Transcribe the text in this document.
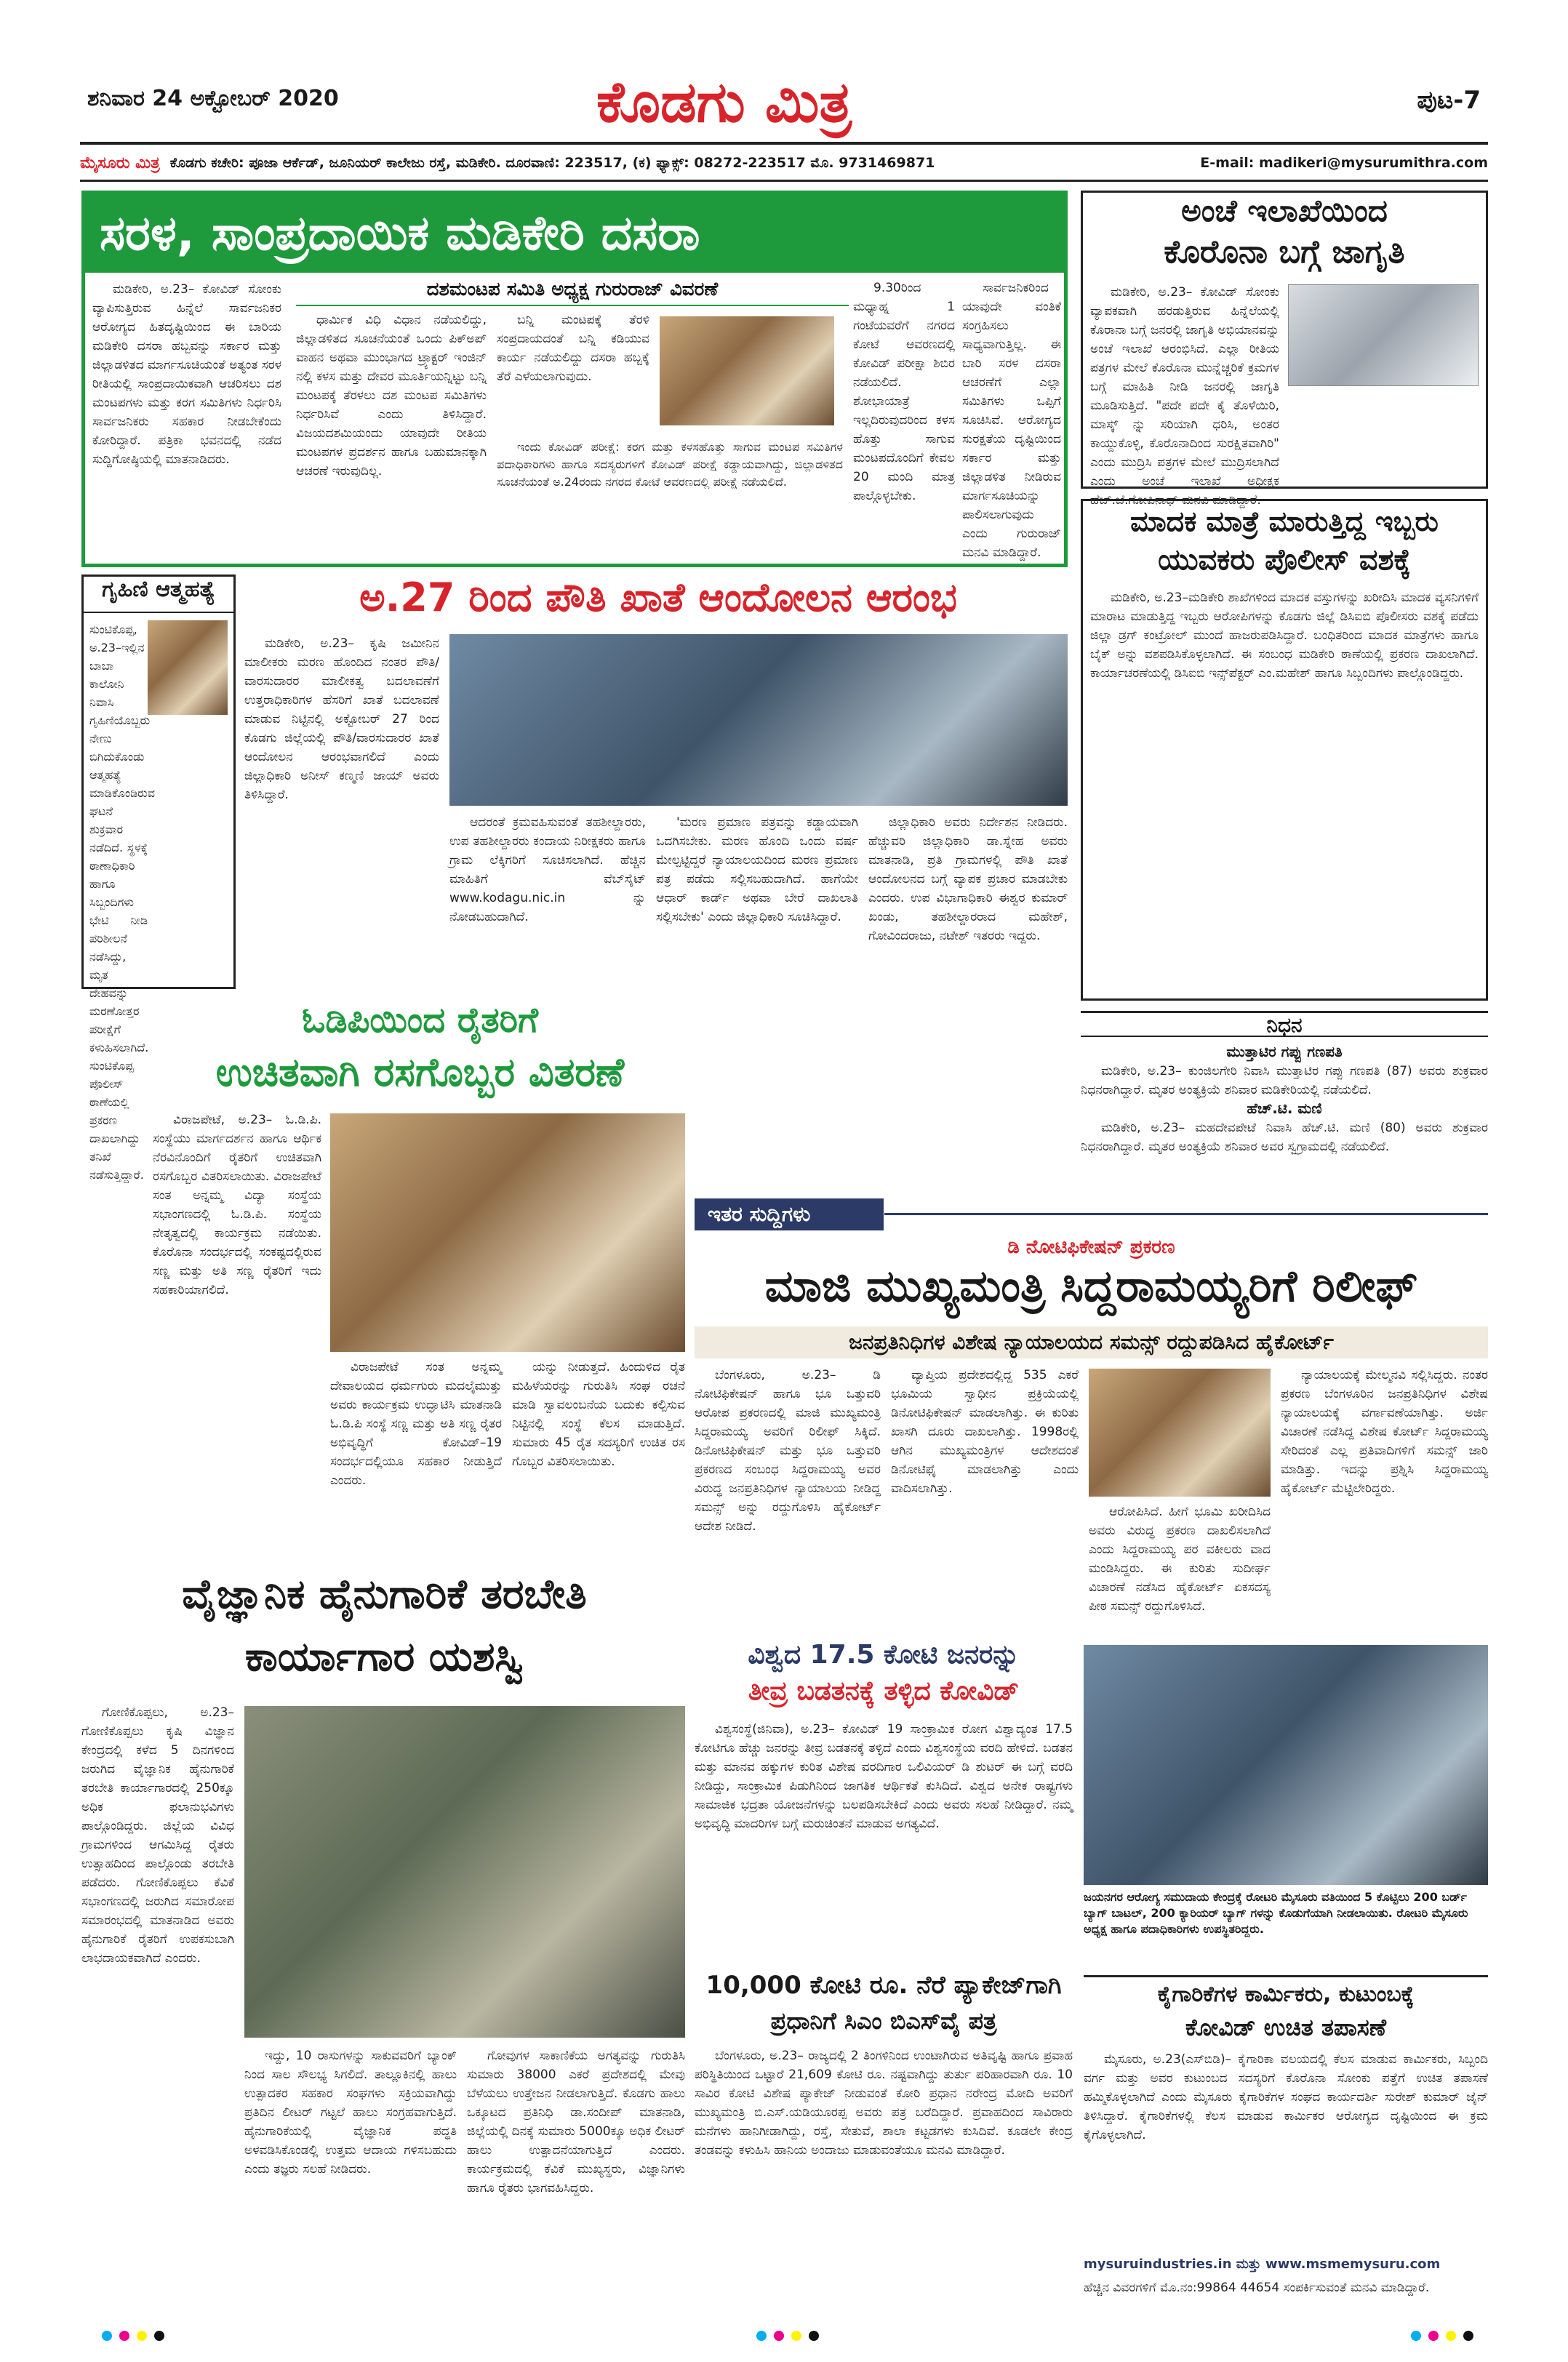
ಶನಿವಾರ 24 ಅಕ್ಟೋಬರ್ 2020	ಕೊಡಗು ಮಿತ್ರ	ಪುಟ-7
ಮೈಸೂರು ಮಿತ್ರ ಕೊಡಗು ಕಚೇರಿ: ಪೂಜಾ ಆರ್ಕೆಡ್, ಜೂನಿಯರ್ ಕಾಲೇಜು ರಸ್ತೆ, ಮಡಿಕೇರಿ. ದೂರವಾಣಿ: 223517, (ಕ) ಫ್ಯಾಕ್ಸ್: 08272-223517 ಮೊ. 9731469871	E-mail: madikeri@mysurumithra.com
ಸರಳ, ಸಾಂಪ್ರದಾಯಿಕ ಮಡಿಕೇರಿ ದಸರಾ

ಮಡಿಕೇರಿ, ಅ.23– ಕೋವಿಡ್ ಸೋಂಕು ವ್ಯಾಪಿಸುತ್ತಿರುವ ಹಿನ್ನೆಲೆ ಸಾರ್ವಜನಿಕರ ಆರೋಗ್ಯದ ಹಿತದೃಷ್ಟಿಯಿಂದ ಈ ಬಾರಿಯ ಮಡಿಕೇರಿ ದಸರಾ ಹಬ್ಬವನ್ನು ಸರ್ಕಾರ ಮತ್ತು ಜಿಲ್ಲಾಡಳಿತದ ಮಾರ್ಗಸೂಚಿಯಂತೆ ಅತ್ಯಂತ ಸರಳ ರೀತಿಯಲ್ಲಿ ಸಾಂಪ್ರದಾಯಿಕವಾಗಿ ಆಚರಿಸಲು ದಶ ಮಂಟಪಗಳು ಮತ್ತು ಕರಗ ಸಮಿತಿಗಳು ನಿರ್ಧರಿಸಿ ಸಾರ್ವಜನಿಕರು ಸಹಕಾರ ನೀಡಬೇಕೆಂದು ಕೋರಿದ್ದಾರೆ. ಪತ್ರಿಕಾ ಭವನದಲ್ಲಿ ನಡೆದ ಸುದ್ದಿಗೋಷ್ಠಿಯಲ್ಲಿ ಮಾತನಾಡಿದರು.

ದಶಮಂಟಪ ಸಮಿತಿ ಅಧ್ಯಕ್ಷ ಗುರುರಾಜ್ ವಿವರಣೆ

ಧಾರ್ಮಿಕ ವಿಧಿ ವಿಧಾನ ನಡೆಯಲಿದ್ದು, ಜಿಲ್ಲಾಡಳಿತದ ಸೂಚನೆಯಂತೆ ಒಂದು ಪಿಕ್‌ಅಪ್ ವಾಹನ ಅಥವಾ ಮುಂಭಾಗದ ಟ್ರ್ಯಾಕ್ಟರ್ ಇಂಜಿನ್ ನಲ್ಲಿ ಕಳಸ ಮತ್ತು ದೇವರ ಮೂರ್ತಿಯನ್ನಿಟ್ಟು ಬನ್ನಿ ಮಂಟಪಕ್ಕೆ ತೆರಳಲು ದಶ ಮಂಟಪ ಸಮಿತಿಗಳು ನಿರ್ಧರಿಸಿವೆ ಎಂದು ತಿಳಿಸಿದ್ದಾರೆ. ವಿಜಯದಶಮಿಯಂದು ಯಾವುದೇ ರೀತಿಯ ಮಂಟಪಗಳ ಪ್ರದರ್ಶನ ಹಾಗೂ ಬಹುಮಾನಕ್ಕಾಗಿ ಆಚರಣೆ ಇರುವುದಿಲ್ಲ.

ಬನ್ನಿ ಮಂಟಪಕ್ಕೆ ತೆರಳಿ ಸಂಪ್ರದಾಯದಂತೆ ಬನ್ನಿ ಕಡಿಯುವ ಕಾರ್ಯ ನಡೆಯಲಿದ್ದು ದಸರಾ ಹಬ್ಬಕ್ಕೆ ತೆರೆ ಎಳೆಯಲಾಗುವುದು.

ಇಂದು ಕೋವಿಡ್ ಪರೀಕ್ಷೆ: ಕರಗ ಮತ್ತು ಕಳಸಹೊತ್ತು ಸಾಗುವ ಮಂಟಪ ಸಮಿತಿಗಳ ಪದಾಧಿಕಾರಿಗಳು ಹಾಗೂ ಸದಸ್ಯರುಗಳಿಗೆ ಕೋವಿಡ್ ಪರೀಕ್ಷೆ ಕಡ್ಡಾಯವಾಗಿದ್ದು, ಜಿಲ್ಲಾಡಳಿತದ ಸೂಚನೆಯಂತೆ ಅ.24ರಂದು ನಗರದ ಕೋಟೆ ಆವರಣದಲ್ಲಿ ಪರೀಕ್ಷೆ ನಡೆಯಲಿದೆ.

9.30ರಿಂದ ಮಧ್ಯಾಹ್ನ 1 ಗಂಟೆಯವರೆಗೆ ನಗರದ ಕೋಟೆ ಆವರಣದಲ್ಲಿ ಕೋವಿಡ್ ಪರೀಕ್ಷಾ ಶಿಬಿರ ನಡೆಯಲಿದೆ. ಶೋಭಾಯಾತ್ರೆ ಇಲ್ಲದಿರುವುದರಿಂದ ಕಳಸ ಹೊತ್ತು ಸಾಗುವ ಮಂಟಪದೊಂದಿಗೆ ಕೇವಲ 20 ಮಂದಿ ಮಾತ್ರ ಪಾಲ್ಗೊಳ್ಳಬೇಕು.

ಸಾರ್ವಜನಿಕರಿಂದ ಯಾವುದೇ ವಂತಿಕೆ ಸಂಗ್ರಹಿಸಲು ಸಾಧ್ಯವಾಗುತ್ತಿಲ್ಲ. ಈ ಬಾರಿ ಸರಳ ದಸರಾ ಆಚರಣೆಗೆ ಎಲ್ಲಾ ಸಮಿತಿಗಳು ಒಪ್ಪಿಗೆ ಸೂಚಿಸಿವೆ. ಆರೋಗ್ಯದ ಸುರಕ್ಷತೆಯ ದೃಷ್ಟಿಯಿಂದ ಸರ್ಕಾರ ಮತ್ತು ಜಿಲ್ಲಾಡಳಿತ ನೀಡಿರುವ ಮಾರ್ಗಸೂಚಿಯನ್ನು ಪಾಲಿಸಲಾಗುವುದು ಎಂದು ಗುರುರಾಜ್ ಮನವಿ ಮಾಡಿದ್ದಾರೆ.

ಅಂಚೆ ಇಲಾಖೆಯಿಂದ
ಕೊರೊನಾ ಬಗ್ಗೆ ಜಾಗೃತಿ

ಮಡಿಕೇರಿ, ಅ.23– ಕೋವಿಡ್ ಸೋಂಕು ವ್ಯಾಪಕವಾಗಿ ಹರಡುತ್ತಿರುವ ಹಿನ್ನೆಲೆಯಲ್ಲಿ ಕೊರಾನಾ ಬಗ್ಗೆ ಜನರಲ್ಲಿ ಜಾಗೃತಿ ಅಭಿಯಾನವನ್ನು ಅಂಚೆ ಇಲಾಖೆ ಆರಂಭಿಸಿದೆ. ಎಲ್ಲಾ ರೀತಿಯ ಪತ್ರಗಳ ಮೇಲೆ ಕೊರೊನಾ ಮುನ್ನೆಚ್ಚರಿಕೆ ಕ್ರಮಗಳ ಬಗ್ಗೆ ಮಾಹಿತಿ ನೀಡಿ ಜನರಲ್ಲಿ ಜಾಗೃತಿ ಮೂಡಿಸುತ್ತಿದೆ. "ಪದೇ ಪದೇ ಕೈ ತೊಳೆಯಿರಿ, ಮಾಸ್ಕ್ ನ್ನು ಸರಿಯಾಗಿ ಧರಿಸಿ, ಅಂತರ ಕಾಯ್ದುಕೊಳ್ಳಿ, ಕೊರೊನಾದಿಂದ ಸುರಕ್ಷಿತವಾಗಿರಿ" ಎಂದು ಮುದ್ರಿಸಿ ಪತ್ರಗಳ ಮೇಲೆ ಮುದ್ರಿಸಲಾಗಿದೆ ಎಂದು ಅಂಚೆ ಇಲಾಖೆ ಅಧೀಕ್ಷಕ ಹೆಚ್.ಜೆ.ಗೋಪಿನಾಥ್ ಮನವಿ ಮಾಡಿದ್ದಾರೆ.

ಮಾದಕ ಮಾತ್ರೆ ಮಾರುತ್ತಿದ್ದ ಇಬ್ಬರು
ಯುವಕರು ಪೊಲೀಸ್ ವಶಕ್ಕೆ

ಮಡಿಕೇರಿ, ಅ.23–ಮಡಿಕೇರಿ ಶಾಖೆಗಳಿಂದ ಮಾದಕ ವಸ್ತುಗಳನ್ನು ಖರೀದಿಸಿ ಮಾದಕ ವ್ಯಸನಿಗಳಿಗೆ ಮಾರಾಟ ಮಾಡುತ್ತಿದ್ದ ಇಬ್ಬರು ಆರೋಪಿಗಳನ್ನು ಕೊಡಗು ಜಿಲ್ಲೆ ಡಿಸಿಐಬಿ ಪೊಲೀಸರು ವಶಕ್ಕೆ ಪಡೆದು ಜಿಲ್ಲಾ ಡ್ರಗ್ ಕಂಟ್ರೋಲ್ ಮುಂದೆ ಹಾಜರುಪಡಿಸಿದ್ದಾರೆ. ಬಂಧಿತರಿಂದ ಮಾದಕ ಮಾತ್ರೆಗಳು ಹಾಗೂ ಬೈಕ್ ಅನ್ನು ವಶಪಡಿಸಿಕೊಳ್ಳಲಾಗಿದೆ. ಈ ಸಂಬಂಧ ಮಡಿಕೇರಿ ಠಾಣೆಯಲ್ಲಿ ಪ್ರಕರಣ ದಾಖಲಾಗಿದೆ. ಕಾರ್ಯಾಚರಣೆಯಲ್ಲಿ ಡಿಸಿಐಬಿ ಇನ್ಸ್‌ಪೆಕ್ಟರ್ ಎಂ.ಮಹೇಶ್ ಹಾಗೂ ಸಿಬ್ಬಂದಿಗಳು ಪಾಲ್ಗೊಂಡಿದ್ದರು.

ನಿಧನ
ಮುತ್ತಾಟಿರ ಗಪ್ಪು ಗಣಪತಿ

ಮಡಿಕೇರಿ, ಅ.23– ಕುಂಜಿಲಗೇರಿ ನಿವಾಸಿ ಮುತ್ತಾಟಿರ ಗಪ್ಪು ಗಣಪತಿ (87) ಅವರು ಶುಕ್ರವಾರ ನಿಧನರಾಗಿದ್ದಾರೆ. ಮೃತರ ಅಂತ್ಯಕ್ರಿಯೆ ಶನಿವಾರ ಮಡಿಕೇರಿಯಲ್ಲಿ ನಡೆಯಲಿದೆ.

ಹೆಚ್.ಟಿ. ಮಣಿ

ಮಡಿಕೇರಿ, ಅ.23– ಮಹದೇವಪೇಟೆ ನಿವಾಸಿ ಹೆಚ್.ಟಿ. ಮಣಿ (80) ಅವರು ಶುಕ್ರವಾರ ನಿಧನರಾಗಿದ್ದಾರೆ. ಮೃತರ ಅಂತ್ಯಕ್ರಿಯೆ ಶನಿವಾರ ಅವರ ಸ್ವಗ್ರಾಮದಲ್ಲಿ ನಡೆಯಲಿದೆ.

ಗೃಹಿಣಿ ಆತ್ಮಹತ್ಯೆ

ಸುಂಟಿಕೊಪ್ಪ, ಅ.23–ಇಲ್ಲಿನ ಬಾಬಾ ಕಾಲೋನಿ ನಿವಾಸಿ ಗೃಹಿಣಿಯೊಬ್ಬರು ನೇಣು ಬಿಗಿದುಕೊಂಡು ಆತ್ಮಹತ್ಯೆ ಮಾಡಿಕೊಂಡಿರುವ ಘಟನೆ ಶುಕ್ರವಾರ ನಡೆದಿದೆ. ಸ್ಥಳಕ್ಕೆ ಠಾಣಾಧಿಕಾರಿ ಹಾಗೂ ಸಿಬ್ಬಂದಿಗಳು ಭೇಟಿ ನೀಡಿ ಪರಿಶೀಲನೆ ನಡೆಸಿದ್ದು, ಮೃತ ದೇಹವನ್ನು ಮರಣೋತ್ತರ ಪರೀಕ್ಷೆಗೆ ಕಳುಹಿಸಲಾಗಿದೆ. ಸುಂಟಿಕೊಪ್ಪ ಪೊಲೀಸ್ ಠಾಣೆಯಲ್ಲಿ ಪ್ರಕರಣ ದಾಖಲಾಗಿದ್ದು ತನಿಖೆ ನಡೆಸುತ್ತಿದ್ದಾರೆ.

ಅ.27 ರಿಂದ ಪೌತಿ ಖಾತೆ ಆಂದೋಲನ ಆರಂಭ

ಮಡಿಕೇರಿ, ಅ.23– ಕೃಷಿ ಜಮೀನಿನ ಮಾಲೀಕರು ಮರಣ ಹೊಂದಿದ ನಂತರ ಪೌತಿ/ವಾರಸುದಾರರ ಮಾಲೀಕತ್ವ ಬದಲಾವಣೆಗೆ ಉತ್ತರಾಧಿಕಾರಿಗಳ ಹೆಸರಿಗೆ ಖಾತೆ ಬದಲಾವಣೆ ಮಾಡುವ ನಿಟ್ಟಿನಲ್ಲಿ ಅಕ್ಟೋಬರ್ 27 ರಿಂದ ಕೊಡಗು ಜಿಲ್ಲೆಯಲ್ಲಿ ಪೌತಿ/ವಾರಸುದಾರರ ಖಾತೆ ಆಂದೋಲನ ಆರಂಭವಾಗಲಿದೆ ಎಂದು ಜಿಲ್ಲಾಧಿಕಾರಿ ಅನೀಸ್ ಕಣ್ಮಣಿ ಜಾಯ್ ಅವರು ತಿಳಿಸಿದ್ದಾರೆ.

ಆದರಂತೆ ಕ್ರಮವಹಿಸುವಂತೆ ತಹಶೀಲ್ದಾರರು, ಉಪ ತಹಶೀಲ್ದಾರರು ಕಂದಾಯ ನಿರೀಕ್ಷಕರು ಹಾಗೂ ಗ್ರಾಮ ಲೆಕ್ಕಿಗರಿಗೆ ಸೂಚಿಸಲಾಗಿದೆ. ಹೆಚ್ಚಿನ ಮಾಹಿತಿಗೆ ವೆಬ್‌ಸೈಟ್ www.kodagu.nic.in ನ್ನು ನೋಡಬಹುದಾಗಿದೆ.

'ಮರಣ ಪ್ರಮಾಣ ಪತ್ರವನ್ನು ಕಡ್ಡಾಯವಾಗಿ ಒದಗಿಸಬೇಕು. ಮರಣ ಹೊಂದಿ ಒಂದು ವರ್ಷ ಮೇಲ್ಪಟ್ಟಿದ್ದರೆ ನ್ಯಾಯಾಲಯದಿಂದ ಮರಣ ಪ್ರಮಾಣ ಪತ್ರ ಪಡೆದು ಸಲ್ಲಿಸಬಹುದಾಗಿದೆ. ಹಾಗೆಯೇ ಆಧಾರ್ ಕಾರ್ಡ್ ಅಥವಾ ಬೇರೆ ದಾಖಲಾತಿ ಸಲ್ಲಿಸಬೇಕು' ಎಂದು ಜಿಲ್ಲಾಧಿಕಾರಿ ಸೂಚಿಸಿದ್ದಾರೆ.

ಜಿಲ್ಲಾಧಿಕಾರಿ ಅವರು ನಿರ್ದೇಶನ ನೀಡಿದರು. ಹೆಚ್ಚುವರಿ ಜಿಲ್ಲಾಧಿಕಾರಿ ಡಾ.ಸ್ನೇಹ ಅವರು ಮಾತನಾಡಿ, ಪ್ರತಿ ಗ್ರಾಮಗಳಲ್ಲಿ ಪೌತಿ ಖಾತೆ ಆಂದೋಲನದ ಬಗ್ಗೆ ವ್ಯಾಪಕ ಪ್ರಚಾರ ಮಾಡಬೇಕು ಎಂದರು. ಉಪ ವಿಭಾಗಾಧಿಕಾರಿ ಈಶ್ವರ ಕುಮಾರ್ ಖಂಡು, ತಹಶೀಲ್ದಾರರಾದ ಮಹೇಶ್, ಗೋವಿಂದರಾಜು, ನಟೇಶ್ ಇತರರು ಇದ್ದರು.

ಓಡಿಪಿಯಿಂದ ರೈತರಿಗೆ
ಉಚಿತವಾಗಿ ರಸಗೊಬ್ಬರ ವಿತರಣೆ

ವಿರಾಜಪೇಟೆ, ಅ.23– ಓ.ಡಿ.ಪಿ. ಸಂಸ್ಥೆಯು ಮಾರ್ಗದರ್ಶನ ಹಾಗೂ ಆರ್ಥಿಕ ನೆರವಿನೊಂದಿಗೆ ರೈತರಿಗೆ ಉಚಿತವಾಗಿ ರಸಗೊಬ್ಬರ ವಿತರಿಸಲಾಯಿತು. ವಿರಾಜಪೇಟೆ ಸಂತ ಅನ್ನಮ್ಮ ವಿದ್ಯಾ ಸಂಸ್ಥೆಯ ಸಭಾಂಗಣದಲ್ಲಿ ಓ.ಡಿ.ಪಿ. ಸಂಸ್ಥೆಯ ನೇತೃತ್ವದಲ್ಲಿ ಕಾರ್ಯಕ್ರಮ ನಡೆಯಿತು. ಕೊರೊನಾ ಸಂದರ್ಭದಲ್ಲಿ ಸಂಕಷ್ಟದಲ್ಲಿರುವ ಸಣ್ಣ ಮತ್ತು ಅತಿ ಸಣ್ಣ ರೈತರಿಗೆ ಇದು ಸಹಕಾರಿಯಾಗಲಿದೆ.

ವಿರಾಜಪೇಟೆ ಸಂತ ಅನ್ನಮ್ಮ ದೇವಾಲಯದ ಧರ್ಮಗುರು ಮದಲೈಮುತ್ತು ಅವರು ಕಾರ್ಯಕ್ರಮ ಉದ್ಘಾಟಿಸಿ ಮಾತನಾಡಿ ಓ.ಡಿ.ಪಿ ಸಂಸ್ಥೆ ಸಣ್ಣ ಮತ್ತು ಅತಿ ಸಣ್ಣ ರೈತರ ಅಭಿವೃದ್ಧಿಗೆ ಕೋವಿಡ್–19 ಸಂದರ್ಭದಲ್ಲಿಯೂ ಸಹಕಾರ ನೀಡುತ್ತಿದೆ ಎಂದರು.

ಯನ್ನು ನೀಡುತ್ತದೆ. ಹಿಂದುಳಿದ ರೈತ ಮಹಿಳೆಯರನ್ನು ಗುರುತಿಸಿ ಸಂಘ ರಚನೆ ಮಾಡಿ ಸ್ವಾವಲಂಬನೆಯ ಬದುಕು ಕಲ್ಪಿಸುವ ನಿಟ್ಟಿನಲ್ಲಿ ಸಂಸ್ಥೆ ಕೆಲಸ ಮಾಡುತ್ತಿದೆ. ಸುಮಾರು 45 ರೈತ ಸದಸ್ಯರಿಗೆ ಉಚಿತ ರಸ ಗೊಬ್ಬರ ವಿತರಿಸಲಾಯಿತು.

ವೈಜ್ಞಾನಿಕ ಹೈನುಗಾರಿಕೆ ತರಬೇತಿ
ಕಾರ್ಯಾಗಾರ ಯಶಸ್ವಿ

ಗೋಣಿಕೊಪ್ಪಲು, ಅ.23– ಗೋಣಿಕೊಪ್ಪಲು ಕೃಷಿ ವಿಜ್ಞಾನ ಕೇಂದ್ರದಲ್ಲಿ ಕಳೆದ 5 ದಿನಗಳಿಂದ ಜರುಗಿದ ವೈಜ್ಞಾನಿಕ ಹೈನುಗಾರಿಕೆ ತರಬೇತಿ ಕಾರ್ಯಾಗಾರದಲ್ಲಿ 250ಕ್ಕೂ ಅಧಿಕ ಫಲಾನುಭವಿಗಳು ಪಾಲ್ಗೊಂಡಿದ್ದರು. ಜಿಲ್ಲೆಯ ವಿವಿಧ ಗ್ರಾಮಗಳಿಂದ ಆಗಮಿಸಿದ್ದ ರೈತರು ಉತ್ಸಾಹದಿಂದ ಪಾಲ್ಗೊಂಡು ತರಬೇತಿ ಪಡೆದರು. ಗೋಣಿಕೊಪ್ಪಲು ಕೆವಿಕೆ ಸಭಾಂಗಣದಲ್ಲಿ ಜರುಗಿದ ಸಮಾರೋಪ ಸಮಾರಂಭದಲ್ಲಿ ಮಾತನಾಡಿದ ಅವರು ಹೈನುಗಾರಿಕೆ ರೈತರಿಗೆ ಉಪಕಸುಬಾಗಿ ಲಾಭದಾಯಕವಾಗಿದೆ ಎಂದರು.

ಇದ್ದು, 10 ರಾಸುಗಳನ್ನು ಸಾಕುವವರಿಗೆ ಬ್ಯಾಂಕ್ ನಿಂದ ಸಾಲ ಸೌಲಭ್ಯ ಸಿಗಲಿದೆ. ತಾಲ್ಲೂಕಿನಲ್ಲಿ ಹಾಲು ಉತ್ಪಾದಕರ ಸಹಕಾರ ಸಂಘಗಳು ಸಕ್ರಿಯವಾಗಿದ್ದು ಪ್ರತಿದಿನ ಲೀಟರ್ ಗಟ್ಟಲೆ ಹಾಲು ಸಂಗ್ರಹವಾಗುತ್ತಿದೆ. ಹೈನುಗಾರಿಕೆಯಲ್ಲಿ ವೈಜ್ಞಾನಿಕ ಪದ್ಧತಿ ಅಳವಡಿಸಿಕೊಂಡಲ್ಲಿ ಉತ್ತಮ ಆದಾಯ ಗಳಿಸಬಹುದು ಎಂದು ತಜ್ಞರು ಸಲಹೆ ನೀಡಿದರು.

ಗೋವುಗಳ ಸಾಕಾಣಿಕೆಯ ಅಗತ್ಯವನ್ನು ಗುರುತಿಸಿ ಸುಮಾರು 38000 ಎಕರೆ ಪ್ರದೇಶದಲ್ಲಿ ಮೇವು ಬೆಳೆಯಲು ಉತ್ತೇಜನ ನೀಡಲಾಗುತ್ತಿದೆ. ಕೊಡಗು ಹಾಲು ಒಕ್ಕೂಟದ ಪ್ರತಿನಿಧಿ ಡಾ.ಸಂದೀಪ್ ಮಾತನಾಡಿ, ಜಿಲ್ಲೆಯಲ್ಲಿ ದಿನಕ್ಕೆ ಸುಮಾರು 5000ಕ್ಕೂ ಅಧಿಕ ಲೀಟರ್ ಹಾಲು ಉತ್ಪಾದನೆಯಾಗುತ್ತಿದೆ ಎಂದರು. ಕಾರ್ಯಕ್ರಮದಲ್ಲಿ ಕೆವಿಕೆ ಮುಖ್ಯಸ್ಥರು, ವಿಜ್ಞಾನಿಗಳು ಹಾಗೂ ರೈತರು ಭಾಗವಹಿಸಿದ್ದರು.

ಇತರ ಸುದ್ದಿಗಳು
ಡಿ ನೋಟಿಫಿಕೇಷನ್ ಪ್ರಕರಣ
ಮಾಜಿ ಮುಖ್ಯಮಂತ್ರಿ ಸಿದ್ದರಾಮಯ್ಯರಿಗೆ ರಿಲೀಫ್
ಜನಪ್ರತಿನಿಧಿಗಳ ವಿಶೇಷ ನ್ಯಾಯಾಲಯದ ಸಮನ್ಸ್ ರದ್ದುಪಡಿಸಿದ ಹೈಕೋರ್ಟ್

ಬೆಂಗಳೂರು, ಅ.23– ಡಿ ನೋಟಿಫಿಕೇಷನ್ ಹಾಗೂ ಭೂ ಒತ್ತುವರಿ ಆರೋಪ ಪ್ರಕರಣದಲ್ಲಿ ಮಾಜಿ ಮುಖ್ಯಮಂತ್ರಿ ಸಿದ್ದರಾಮಯ್ಯ ಅವರಿಗೆ ರಿಲೀಫ್ ಸಿಕ್ಕಿದೆ. ಡಿನೋಟಿಫಿಕೇಷನ್ ಮತ್ತು ಭೂ ಒತ್ತುವರಿ ಪ್ರಕರಣದ ಸಂಬಂಧ ಸಿದ್ದರಾಮಯ್ಯ ಅವರ ವಿರುದ್ಧ ಜನಪ್ರತಿನಿಧಿಗಳ ನ್ಯಾಯಾಲಯ ನೀಡಿದ್ದ ಸಮನ್ಸ್ ಅನ್ನು ರದ್ದುಗೊಳಿಸಿ ಹೈಕೋರ್ಟ್ ಆದೇಶ ನೀಡಿದೆ.

ವ್ಯಾಪ್ತಿಯ ಪ್ರದೇಶದಲ್ಲಿದ್ದ 535 ಎಕರೆ ಭೂಮಿಯ ಸ್ವಾಧೀನ ಪ್ರಕ್ರಿಯೆಯಲ್ಲಿ ಡಿನೋಟಿಫಿಕೇಷನ್ ಮಾಡಲಾಗಿತ್ತು. ಈ ಕುರಿತು ಖಾಸಗಿ ದೂರು ದಾಖಲಾಗಿತ್ತು. 1998ರಲ್ಲಿ ಆಗಿನ ಮುಖ್ಯಮಂತ್ರಿಗಳ ಆದೇಶದಂತೆ ಡಿನೋಟಿಫೈ ಮಾಡಲಾಗಿತ್ತು ಎಂದು ವಾದಿಸಲಾಗಿತ್ತು.

ಆರೋಪಿಸಿದೆ. ಹೀಗೆ ಭೂಮಿ ಖರೀದಿಸಿದ ಅವರು ವಿರುದ್ಧ ಪ್ರಕರಣ ದಾಖಲಿಸಲಾಗಿದೆ ಎಂದು ಸಿದ್ದರಾಮಯ್ಯ ಪರ ವಕೀಲರು ವಾದ ಮಂಡಿಸಿದ್ದರು. ಈ ಕುರಿತು ಸುದೀರ್ಘ ವಿಚಾರಣೆ ನಡೆಸಿದ ಹೈಕೋರ್ಟ್ ಏಕಸದಸ್ಯ ಪೀಠ ಸಮನ್ಸ್ ರದ್ದುಗೊಳಿಸಿದೆ.

ನ್ಯಾಯಾಲಯಕ್ಕೆ ಮೇಲ್ಮನವಿ ಸಲ್ಲಿಸಿದ್ದರು. ನಂತರ ಪ್ರಕರಣ ಬೆಂಗಳೂರಿನ ಜನಪ್ರತಿನಿಧಿಗಳ ವಿಶೇಷ ನ್ಯಾಯಾಲಯಕ್ಕೆ ವರ್ಗಾವಣೆಯಾಗಿತ್ತು. ಅರ್ಜಿ ವಿಚಾರಣೆ ನಡೆಸಿದ್ದ ವಿಶೇಷ ಕೋರ್ಟ್ ಸಿದ್ದರಾಮಯ್ಯ ಸೇರಿದಂತೆ ಎಲ್ಲ ಪ್ರತಿವಾದಿಗಳಿಗೆ ಸಮನ್ಸ್ ಜಾರಿ ಮಾಡಿತ್ತು. ಇದನ್ನು ಪ್ರಶ್ನಿಸಿ ಸಿದ್ದರಾಮಯ್ಯ ಹೈಕೋರ್ಟ್ ಮೆಟ್ಟಿಲೇರಿದ್ದರು.

ವಿಶ್ವದ 17.5 ಕೋಟಿ ಜನರನ್ನು
ತೀವ್ರ ಬಡತನಕ್ಕೆ ತಳ್ಳಿದ ಕೋವಿಡ್

ವಿಶ್ವಸಂಸ್ಥೆ(ಜಿನಿವಾ), ಅ.23– ಕೋವಿಡ್ 19 ಸಾಂಕ್ರಾಮಿಕ ರೋಗ ವಿಶ್ವಾದ್ಯಂತ 17.5 ಕೋಟಿಗೂ ಹೆಚ್ಚು ಜನರನ್ನು ತೀವ್ರ ಬಡತನಕ್ಕೆ ತಳ್ಳಿದೆ ಎಂದು ವಿಶ್ವಸಂಸ್ಥೆಯ ವರದಿ ಹೇಳಿದೆ. ಬಡತನ ಮತ್ತು ಮಾನವ ಹಕ್ಕುಗಳ ಕುರಿತ ವಿಶೇಷ ವರದಿಗಾರ ಒಲಿವಿಯರ್ ಡಿ ಶುಟರ್ ಈ ಬಗ್ಗೆ ವರದಿ ನೀಡಿದ್ದು, ಸಾಂಕ್ರಾಮಿಕ ಪಿಡುಗಿನಿಂದ ಜಾಗತಿಕ ಆರ್ಥಿಕತೆ ಕುಸಿದಿದೆ. ವಿಶ್ವದ ಅನೇಕ ರಾಷ್ಟ್ರಗಳು ಸಾಮಾಜಿಕ ಭದ್ರತಾ ಯೋಜನೆಗಳನ್ನು ಬಲಪಡಿಸಬೇಕಿದೆ ಎಂದು ಅವರು ಸಲಹೆ ನೀಡಿದ್ದಾರೆ. ನಮ್ಮ ಅಭಿವೃದ್ಧಿ ಮಾದರಿಗಳ ಬಗ್ಗೆ ಮರುಚಿಂತನೆ ಮಾಡುವ ಅಗತ್ಯವಿದೆ.

10,000 ಕೋಟಿ ರೂ. ನೆರೆ ಪ್ಯಾಕೇಜ್‌ಗಾಗಿ
ಪ್ರಧಾನಿಗೆ ಸಿಎಂ ಬಿಎಸ್‌ವೈ ಪತ್ರ

ಬೆಂಗಳೂರು, ಅ.23– ರಾಜ್ಯದಲ್ಲಿ 2 ತಿಂಗಳಿನಿಂದ ಉಂಟಾಗಿರುವ ಅತಿವೃಷ್ಟಿ ಹಾಗೂ ಪ್ರವಾಹ ಪರಿಸ್ಥಿತಿಯಿಂದ ಒಟ್ಟಾರೆ 21,609 ಕೋಟಿ ರೂ. ನಷ್ಟವಾಗಿದ್ದು ತುರ್ತು ಪರಿಹಾರವಾಗಿ ರೂ. 10 ಸಾವಿರ ಕೋಟಿ ವಿಶೇಷ ಪ್ಯಾಕೇಜ್ ನೀಡುವಂತೆ ಕೋರಿ ಪ್ರಧಾನ ನರೇಂದ್ರ ಮೋದಿ ಅವರಿಗೆ ಮುಖ್ಯಮಂತ್ರಿ ಬಿ.ಎಸ್.ಯಡಿಯೂರಪ್ಪ ಅವರು ಪತ್ರ ಬರೆದಿದ್ದಾರೆ. ಪ್ರವಾಹದಿಂದ ಸಾವಿರಾರು ಮನೆಗಳು ಹಾನಿಗೀಡಾಗಿದ್ದು, ರಸ್ತೆ, ಸೇತುವೆ, ಶಾಲಾ ಕಟ್ಟಡಗಳು ಕುಸಿದಿವೆ. ಕೂಡಲೇ ಕೇಂದ್ರ ತಂಡವನ್ನು ಕಳುಹಿಸಿ ಹಾನಿಯ ಅಂದಾಜು ಮಾಡುವಂತೆಯೂ ಮನವಿ ಮಾಡಿದ್ದಾರೆ.

ಜಯನಗರ ಆರೋಗ್ಯ ಸಮುದಾಯ ಕೇಂದ್ರಕ್ಕೆ ರೋಟರಿ ಮೈಸೂರು ವತಿಯಿಂದ 5 ಕೊಟ್ಟಿಲು 200 ಬರ್ಡ್ ಬ್ಯಾಗ್ ಬಾಟಲ್, 200 ಕ್ಯಾರಿಯರ್ ಬ್ಯಾಗ್ ಗಳನ್ನು ಕೊಡುಗೆಯಾಗಿ ನೀಡಲಾಯಿತು. ರೋಟರಿ ಮೈಸೂರು ಅಧ್ಯಕ್ಷ ಹಾಗೂ ಪದಾಧಿಕಾರಿಗಳು ಉಪಸ್ಥಿತರಿದ್ದರು.
ಕೈಗಾರಿಕೆಗಳ ಕಾರ್ಮಿಕರು, ಕುಟುಂಬಕ್ಕೆ
ಕೋವಿಡ್ ಉಚಿತ ತಪಾಸಣೆ

ಮೈಸೂರು, ಅ.23(ಎಸ್‌ಬಿಡಿ)– ಕೈಗಾರಿಕಾ ವಲಯದಲ್ಲಿ ಕೆಲಸ ಮಾಡುವ ಕಾರ್ಮಿಕರು, ಸಿಬ್ಬಂದಿ ವರ್ಗ ಮತ್ತು ಅವರ ಕುಟುಂಬದ ಸದಸ್ಯರಿಗೆ ಕೊರೊನಾ ಸೋಂಕು ಪತ್ತೆಗೆ ಉಚಿತ ತಪಾಸಣೆ ಹಮ್ಮಿಕೊಳ್ಳಲಾಗಿದೆ ಎಂದು ಮೈಸೂರು ಕೈಗಾರಿಕೆಗಳ ಸಂಘದ ಕಾರ್ಯದರ್ಶಿ ಸುರೇಶ್ ಕುಮಾರ್ ಜೈನ್ ತಿಳಿಸಿದ್ದಾರೆ. ಕೈಗಾರಿಕೆಗಳಲ್ಲಿ ಕೆಲಸ ಮಾಡುವ ಕಾರ್ಮಿಕರ ಆರೋಗ್ಯದ ದೃಷ್ಟಿಯಿಂದ ಈ ಕ್ರಮ ಕೈಗೊಳ್ಳಲಾಗಿದೆ.

mysuruindustries.in ಮತ್ತು www.msmemysuru.com

ಹೆಚ್ಚಿನ ವಿವರಗಳಿಗೆ ಮೊ.ನಂ:99864 44654 ಸಂಪರ್ಕಿಸುವಂತೆ ಮನವಿ ಮಾಡಿದ್ದಾರೆ.
